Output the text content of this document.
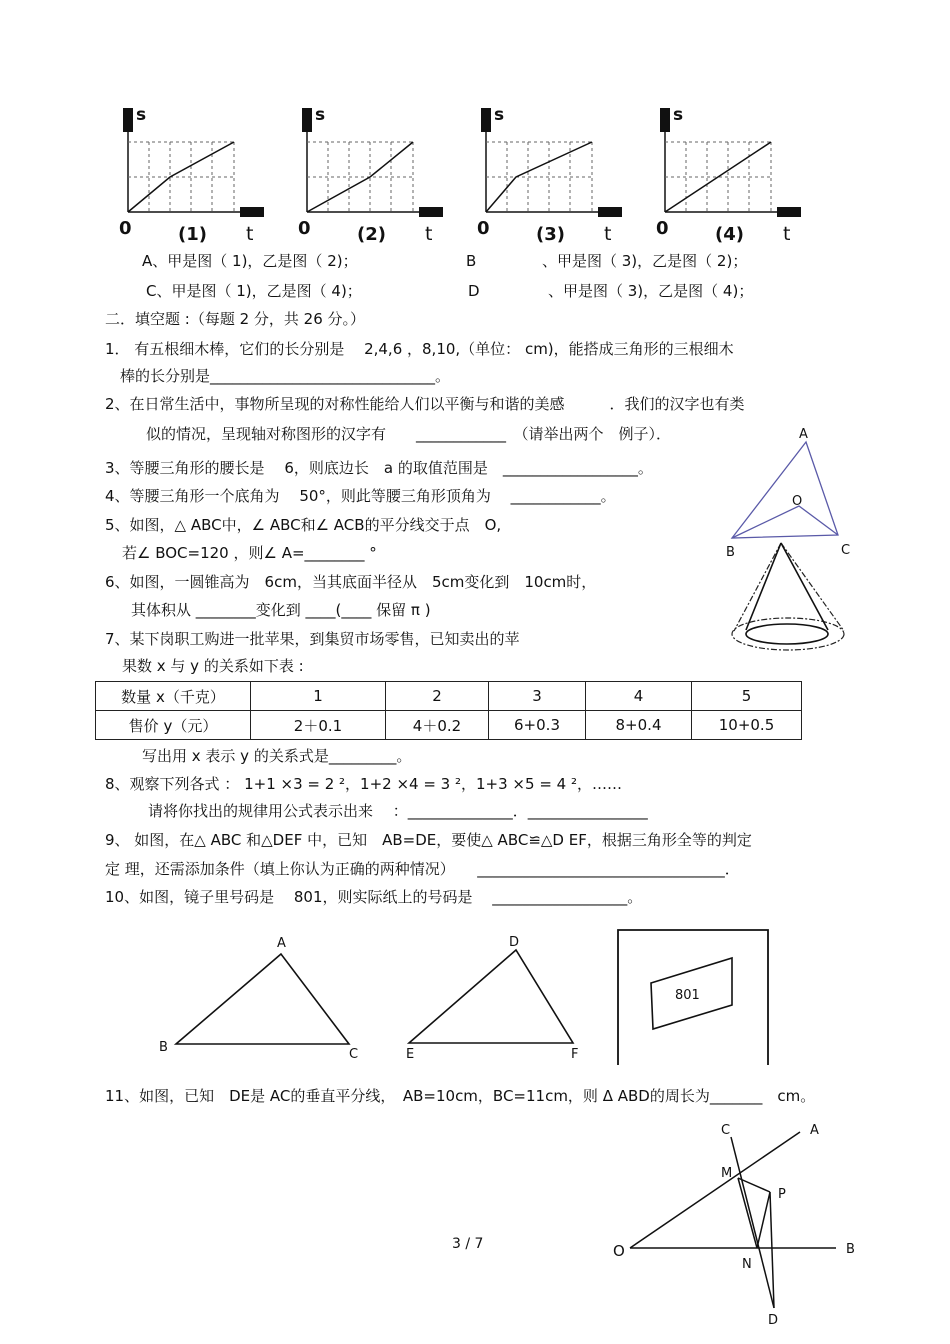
s
0	(1) t
s
0	(2) t
s
0	(3) t
s
0	(4) t
A、甲是图（ 1)，乙是图（ 2)；	B	、甲是图（ 3)，乙是图（ 2)；
C、甲是图（ 1)，乙是图（ 4)；	D	、甲是图（ 3)，乙是图（ 4)；
二．填空题 :（每题 2 分，共 26 分。）
1． 有五根细木棒，它们的长分别是　 2,4,6 ，8,10,（单位： cm)，能搭成三角形的三根细木
棒的长分别是______________________________。
2、在日常生活中，事物所呈现的对称性能给人们以平衡与和谐的美感　　　．我们的汉字也有类
似的情况，呈现轴对称图形的汉字有　　____________　（请举出两个　例子）．
3、等腰三角形的腰长是　 6，则底边长　a 的取值范围是　__________________。
4、等腰三角形一个底角为　 50°，则此等腰三角形顶角为　 ____________。
5、如图，△ ABC中，∠ ABC和∠ ACB的平分线交于点　O,
若∠ BOC=120 ，则∠ A=________ °
6、如图，一圆锥高为　6cm，当其底面半径从　5cm变化到　10cm时，
其体积从 ________变化到 ____(____ 保留 π )
7、某下岗职工购进一批苹果，到集贸市场零售，已知卖出的苹
果数 x 与 y 的关系如下表 :
A
O
B	C
数量 x（千克）	1	2	3	4	5
售价 y（元）	2＋0.1	4＋0.2	6+0.3	8+0.4	10+0.5
写出用 x 表示 y 的关系式是_________。
8、观察下列各式 ： 1+1 ×3 = 2 ²，1+2 ×4 = 3 ²，1+3 ×5 = 4 ²，……
请将你找出的规律用公式表示出来　 ：______________．________________
9、 如图，在△ ABC 和△DEF 中，已知　AB=DE，要使△ ABC≌△D EF，根据三角形全等的判定
定 理，还需添加条件（填上你认为正确的两种情况）　　_________________________________．
10、如图，镜子里号码是　 801，则实际纸上的号码是　 __________________。
A
B	C
D
E	F
801
11、如图，已知　DE是 AC的垂直平分线，　AB=10cm，BC=11cm，则 Δ ABD的周长为_______　cm。
C	A
M
P
O
N
B
D
3 / 7
